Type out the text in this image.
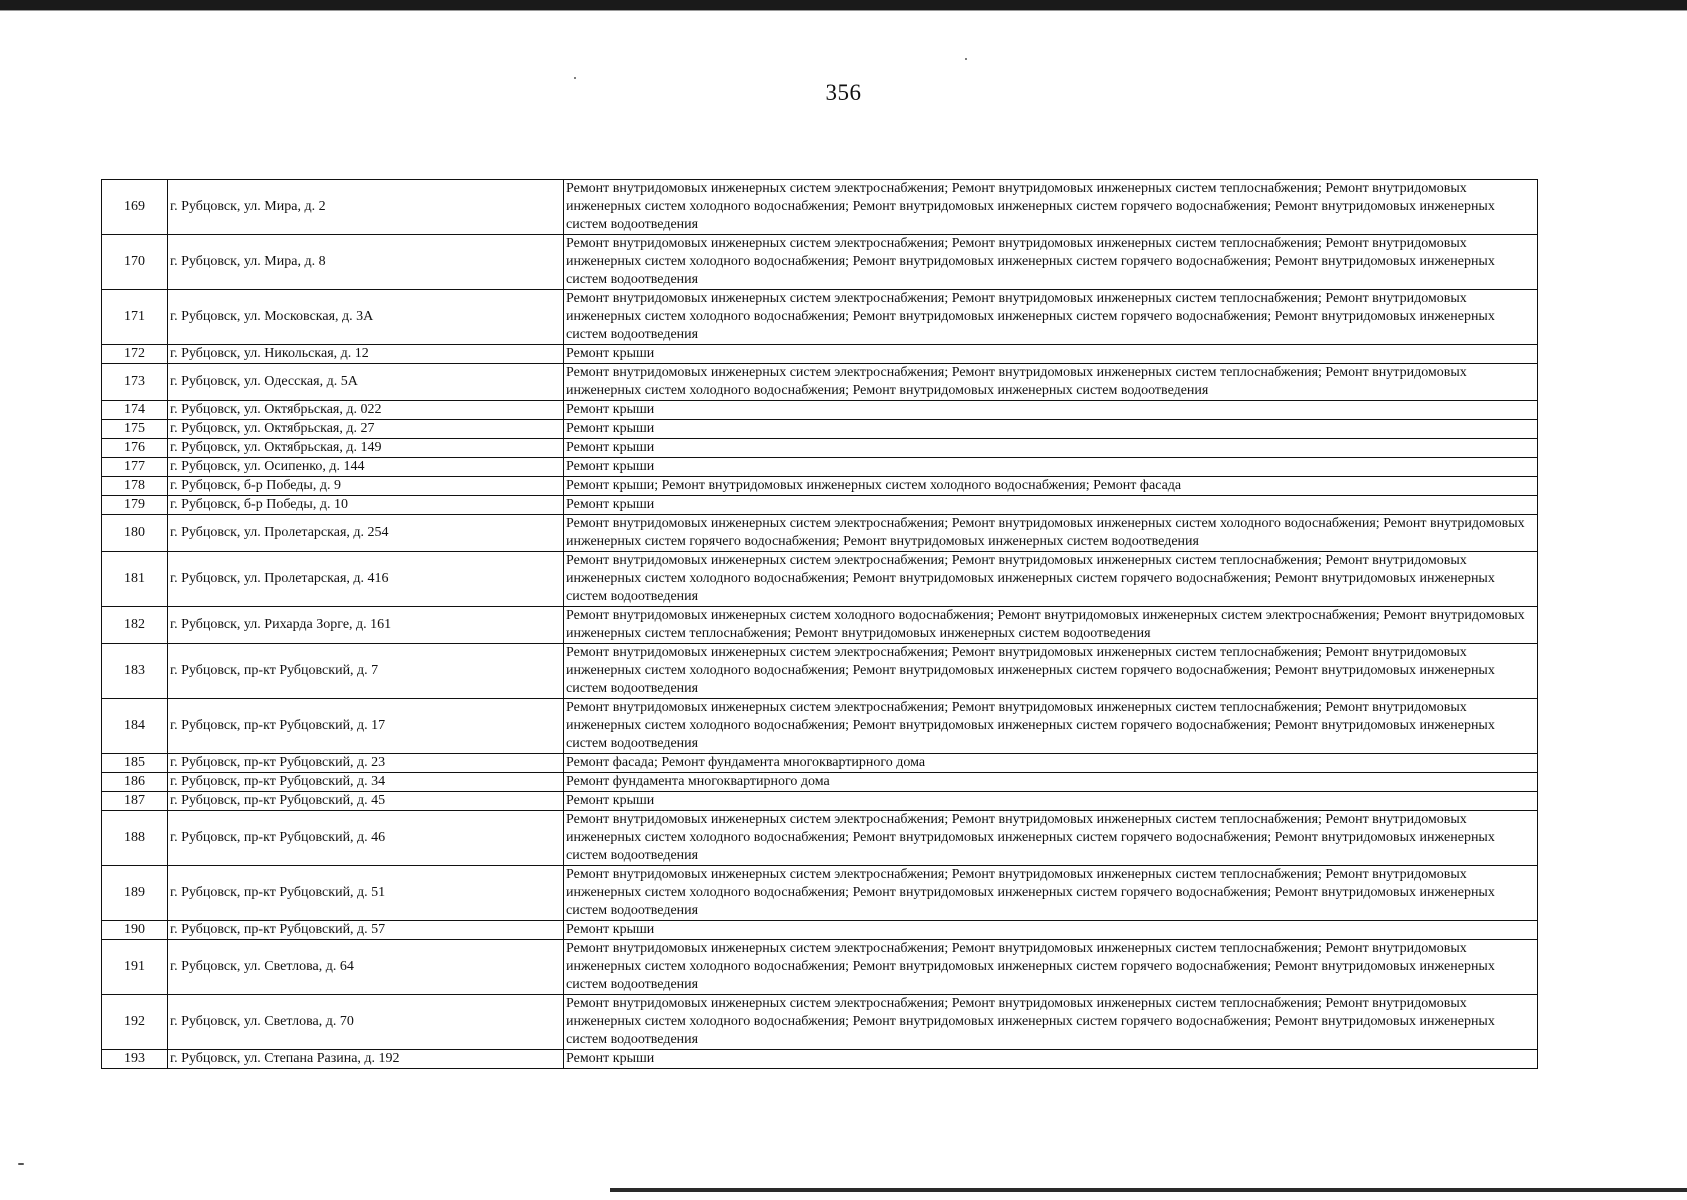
356
169	г. Рубцовск, ул. Мира, д. 2	Ремонт внутридомовых инженерных систем электроснабжения; Ремонт внутридомовых инженерных систем теплоснабжения; Ремонт внутридомовых инженерных систем холодного водоснабжения; Ремонт внутридомовых инженерных систем горячего водоснабжения; Ремонт внутридомовых инженерных систем водоотведения
170	г. Рубцовск, ул. Мира, д. 8	Ремонт внутридомовых инженерных систем электроснабжения; Ремонт внутридомовых инженерных систем теплоснабжения; Ремонт внутридомовых инженерных систем холодного водоснабжения; Ремонт внутридомовых инженерных систем горячего водоснабжения; Ремонт внутридомовых инженерных систем водоотведения
171	г. Рубцовск, ул. Московская, д. 3А	Ремонт внутридомовых инженерных систем электроснабжения; Ремонт внутридомовых инженерных систем теплоснабжения; Ремонт внутридомовых инженерных систем холодного водоснабжения; Ремонт внутридомовых инженерных систем горячего водоснабжения; Ремонт внутридомовых инженерных систем водоотведения
172	г. Рубцовск, ул. Никольская, д. 12	Ремонт крыши
173	г. Рубцовск, ул. Одесская, д. 5А	Ремонт внутридомовых инженерных систем электроснабжения; Ремонт внутридомовых инженерных систем теплоснабжения; Ремонт внутридомовых инженерных систем холодного водоснабжения; Ремонт внутридомовых инженерных систем водоотведения
174	г. Рубцовск, ул. Октябрьская, д. 022	Ремонт крыши
175	г. Рубцовск, ул. Октябрьская, д. 27	Ремонт крыши
176	г. Рубцовск, ул. Октябрьская, д. 149	Ремонт крыши
177	г. Рубцовск, ул. Осипенко, д. 144	Ремонт крыши
178	г. Рубцовск, б-р Победы, д. 9	Ремонт крыши; Ремонт внутридомовых инженерных систем холодного водоснабжения; Ремонт фасада
179	г. Рубцовск, б-р Победы, д. 10	Ремонт крыши
180	г. Рубцовск, ул. Пролетарская, д. 254	Ремонт внутридомовых инженерных систем электроснабжения; Ремонт внутридомовых инженерных систем холодного водоснабжения; Ремонт внутридомовых инженерных систем горячего водоснабжения; Ремонт внутридомовых инженерных систем водоотведения
181	г. Рубцовск, ул. Пролетарская, д. 416	Ремонт внутридомовых инженерных систем электроснабжения; Ремонт внутридомовых инженерных систем теплоснабжения; Ремонт внутридомовых инженерных систем холодного водоснабжения; Ремонт внутридомовых инженерных систем горячего водоснабжения; Ремонт внутридомовых инженерных систем водоотведения
182	г. Рубцовск, ул. Рихарда Зорге, д. 161	Ремонт внутридомовых инженерных систем холодного водоснабжения; Ремонт внутридомовых инженерных систем электроснабжения; Ремонт внутридомовых инженерных систем теплоснабжения; Ремонт внутридомовых инженерных систем водоотведения
183	г. Рубцовск, пр-кт Рубцовский, д. 7	Ремонт внутридомовых инженерных систем электроснабжения; Ремонт внутридомовых инженерных систем теплоснабжения; Ремонт внутридомовых инженерных систем холодного водоснабжения; Ремонт внутридомовых инженерных систем горячего водоснабжения; Ремонт внутридомовых инженерных систем водоотведения
184	г. Рубцовск, пр-кт Рубцовский, д. 17	Ремонт внутридомовых инженерных систем электроснабжения; Ремонт внутридомовых инженерных систем теплоснабжения; Ремонт внутридомовых инженерных систем холодного водоснабжения; Ремонт внутридомовых инженерных систем горячего водоснабжения; Ремонт внутридомовых инженерных систем водоотведения
185	г. Рубцовск, пр-кт Рубцовский, д. 23	Ремонт фасада; Ремонт фундамента многоквартирного дома
186	г. Рубцовск, пр-кт Рубцовский, д. 34	Ремонт фундамента многоквартирного дома
187	г. Рубцовск, пр-кт Рубцовский, д. 45	Ремонт крыши
188	г. Рубцовск, пр-кт Рубцовский, д. 46	Ремонт внутридомовых инженерных систем электроснабжения; Ремонт внутридомовых инженерных систем теплоснабжения; Ремонт внутридомовых инженерных систем холодного водоснабжения; Ремонт внутридомовых инженерных систем горячего водоснабжения; Ремонт внутридомовых инженерных систем водоотведения
189	г. Рубцовск, пр-кт Рубцовский, д. 51	Ремонт внутридомовых инженерных систем электроснабжения; Ремонт внутридомовых инженерных систем теплоснабжения; Ремонт внутридомовых инженерных систем холодного водоснабжения; Ремонт внутридомовых инженерных систем горячего водоснабжения; Ремонт внутридомовых инженерных систем водоотведения
190	г. Рубцовск, пр-кт Рубцовский, д. 57	Ремонт крыши
191	г. Рубцовск, ул. Светлова, д. 64	Ремонт внутридомовых инженерных систем электроснабжения; Ремонт внутридомовых инженерных систем теплоснабжения; Ремонт внутридомовых инженерных систем холодного водоснабжения; Ремонт внутридомовых инженерных систем горячего водоснабжения; Ремонт внутридомовых инженерных систем водоотведения
192	г. Рубцовск, ул. Светлова, д. 70	Ремонт внутридомовых инженерных систем электроснабжения; Ремонт внутридомовых инженерных систем теплоснабжения; Ремонт внутридомовых инженерных систем холодного водоснабжения; Ремонт внутридомовых инженерных систем горячего водоснабжения; Ремонт внутридомовых инженерных систем водоотведения
193	г. Рубцовск, ул. Степана Разина, д. 192	Ремонт крыши
